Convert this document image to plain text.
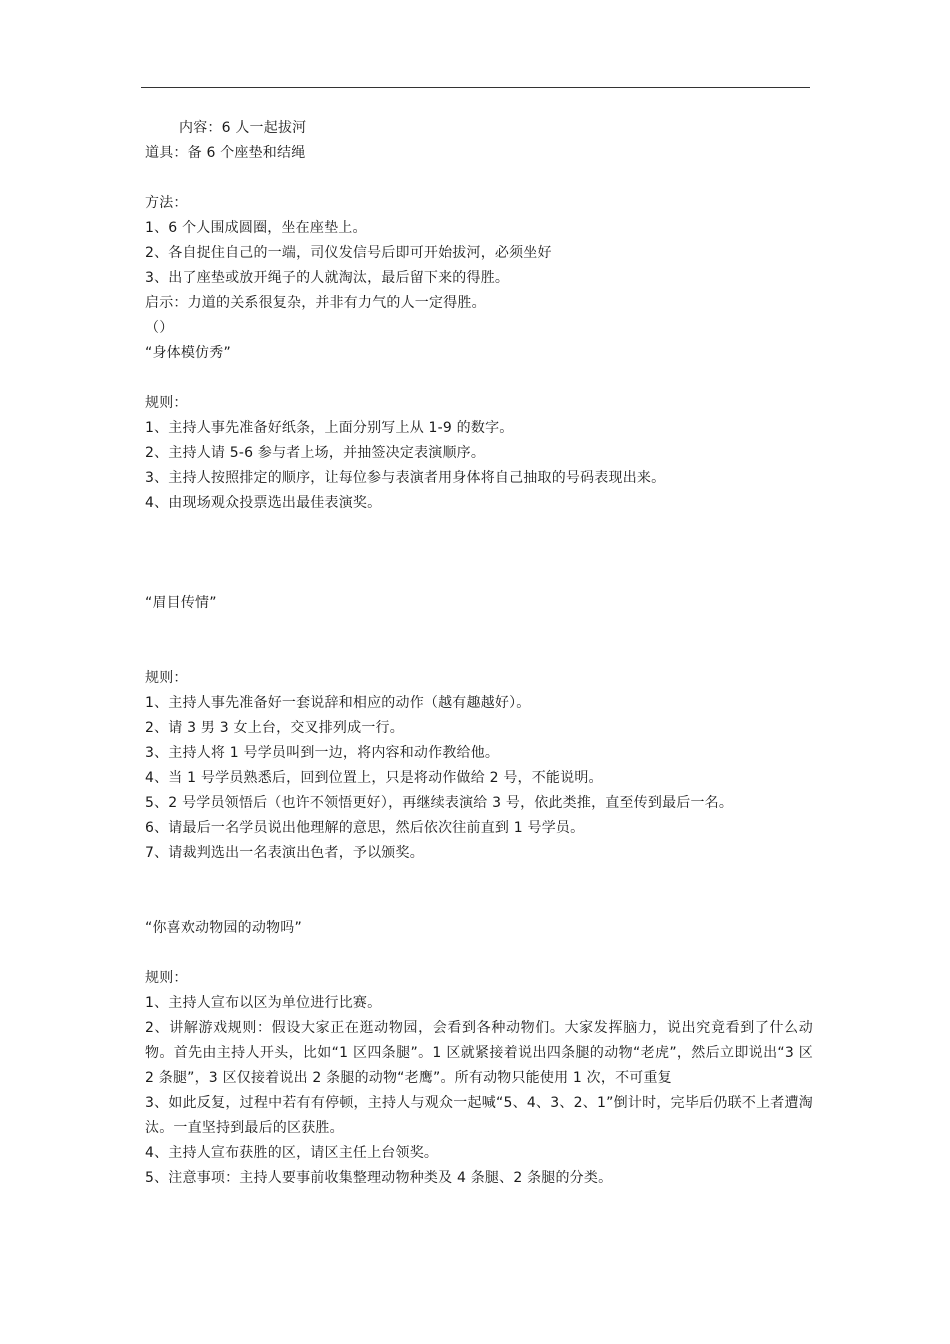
内容：6 人一起拔河
道具：备 6 个座垫和结绳
方法：
1、6 个人围成圆圈，坐在座垫上。
2、各自捉住自己的一端，司仪发信号后即可开始拔河，必须坐好
3、出了座垫或放开绳子的人就淘汰，最后留下来的得胜。
启示：力道的关系很复杂，并非有力气的人一定得胜。
（）
“身体模仿秀”
规则：
1、主持人事先准备好纸条，上面分别写上从 1-9 的数字。
2、主持人请 5-6 参与者上场，并抽签决定表演顺序。
3、主持人按照排定的顺序，让每位参与表演者用身体将自己抽取的号码表现出来。
4、由现场观众投票选出最佳表演奖。
“眉目传情”
规则：
1、主持人事先准备好一套说辞和相应的动作（越有趣越好）。
2、请 3 男 3 女上台，交叉排列成一行。
3、主持人将 1 号学员叫到一边，将内容和动作教给他。
4、当 1 号学员熟悉后，回到位置上，只是将动作做给 2 号，不能说明。
5、2 号学员领悟后（也许不领悟更好），再继续表演给 3 号，依此类推，直至传到最后一名。
6、请最后一名学员说出他理解的意思，然后依次往前直到 1 号学员。
7、请裁判选出一名表演出色者，予以颁奖。
“你喜欢动物园的动物吗”
规则：
1、主持人宣布以区为单位进行比赛。
2、讲解游戏规则：假设大家正在逛动物园，会看到各种动物们。大家发挥脑力，说出究竟看到了什么动物。首先由主持人开头，比如“1 区四条腿”。1 区就紧接着说出四条腿的动物“老虎”，然后立即说出“3 区 2 条腿”，3 区仅接着说出 2 条腿的动物“老鹰”。所有动物只能使用 1 次，不可重复
3、如此反复，过程中若有有停顿，主持人与观众一起喊“5、4、3、2、1”倒计时，完毕后仍联不上者遭淘汰。一直坚持到最后的区获胜。
4、主持人宣布获胜的区，请区主任上台领奖。
5、注意事项：主持人要事前收集整理动物种类及 4 条腿、2 条腿的分类。
